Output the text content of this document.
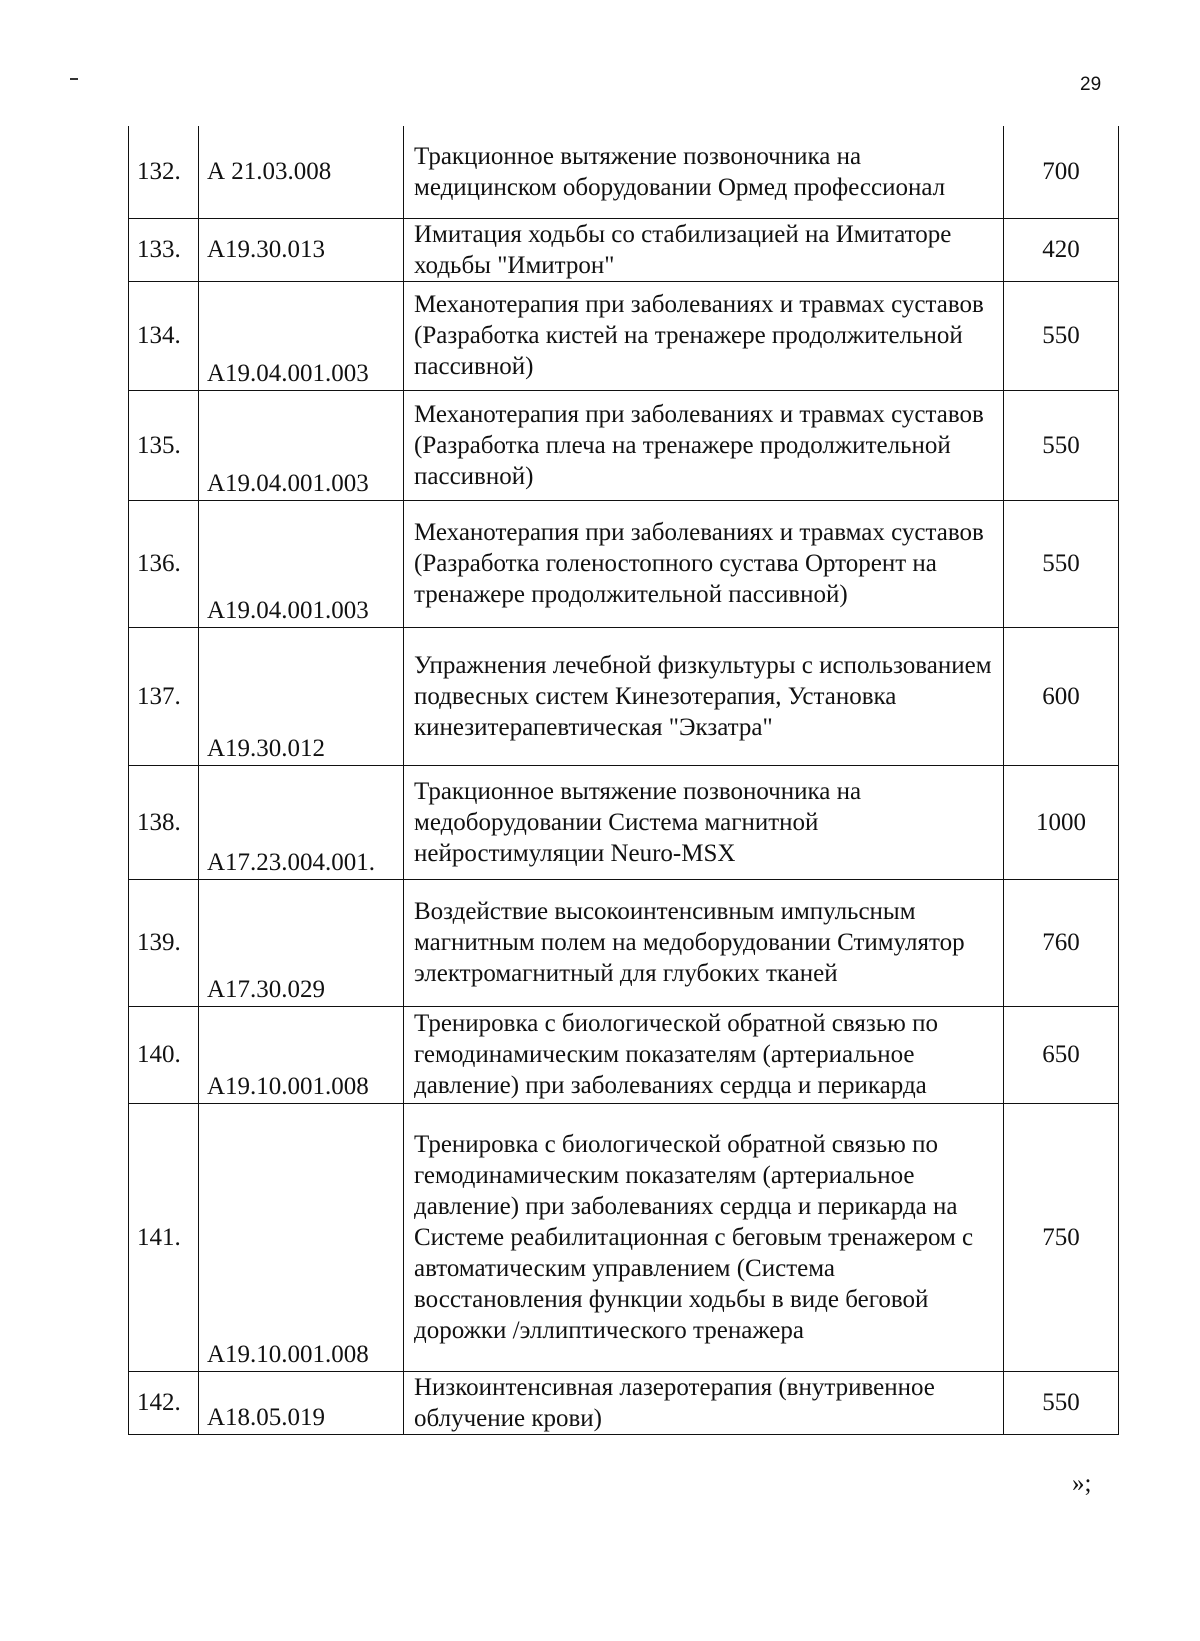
29
132.	А 21.03.008	Тракционное вытяжение позвоночника на медицинском оборудовании Ормед профессионал	700
133.	А19.30.013	Имитация ходьбы со стабилизацией на Имитаторе ходьбы "Имитрон"	420
134.	А19.04.001.003	Механотерапия при заболеваниях и травмах суставов (Разработка кистей на тренажере продолжительной пассивной)	550
135.	А19.04.001.003	Механотерапия при заболеваниях и травмах суставов (Разработка плеча на тренажере продолжительной пассивной)	550
136.	А19.04.001.003	Механотерапия при заболеваниях и травмах суставов (Разработка голеностопного сустава Орторент на тренажере продолжительной пассивной)	550
137.	А19.30.012	Упражнения лечебной физкультуры с использованием подвесных систем Кинезотерапия, Установка кинезитерапевтическая "Экзатра"	600
138.	А17.23.004.001.	Тракционное вытяжение позвоночника на медоборудовании Система магнитной нейростимуляции Neuro-MSX	1000
139.	А17.30.029	Воздействие высокоинтенсивным импульсным магнитным полем на медоборудовании Стимулятор электромагнитный для глубоких тканей	760
140.	А19.10.001.008	Тренировка с биологической обратной связью по гемодинамическим показателям (артериальное давление) при заболеваниях сердца и перикарда	650
141.	А19.10.001.008	Тренировка с биологической обратной связью по гемодинамическим показателям (артериальное давление) при заболеваниях сердца и перикарда на Системе реабилитационная с беговым тренажером с автоматическим управлением (Система восстановления функции ходьбы в виде беговой дорожки /эллиптического тренажера	750
142.	А18.05.019	Низкоинтенсивная лазеротерапия (внутривенное облучение крови)	550
»;
